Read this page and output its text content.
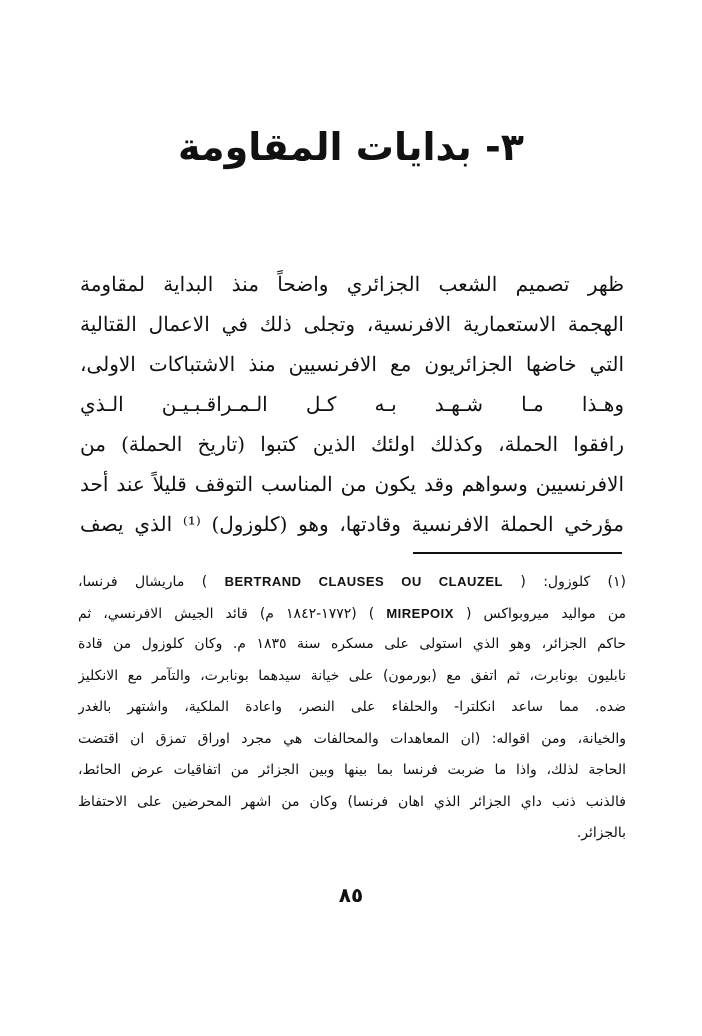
٣- بدايات المقاومة
ظهر تصميم الشعب الجزائري واضحاً منذ البداية لمقاومة
الهجمة الاستعمارية الافرنسية، وتجلى ذلك في الاعمال القتالية
التي خاضها الجزائريون مع الافرنسيين منذ الاشتباكات الاولى،
وهـذا مـا شـهـد بـه كـل الـمـراقـبـيـن الـذي
رافقوا الحملة، وكذلك اولئك الذين كتبوا (تاريخ الحملة) من
الافرنسيين وسواهم وقد يكون من المناسب التوقف قليلاً عند أحد
مؤرخي الحملة الافرنسية وقادتها، وهو (كلوزول) ⁽¹⁾ الذي يصف
(١) كلوزول: ( BERTRAND CLAUSES OU CLAUZEL ) ماريشال فرنسا،
من مواليد ميروبواكس ( MIREPOIX ) (١٧٧٢-١٨٤٢ م) قائد الجيش الافرنسي، ثم
حاكم الجزائر، وهو الذي استولى على مسكره سنة ١٨٣٥ م. وكان كلوزول من قادة
نابليون بونابرت، ثم اتفق مع (بورمون) على خيانة سيدهما بونابرت، والتآمر مع الانكليز
ضده. مما ساعد انكلترا- والحلفاء على النصر، واعادة الملكية، واشتهر بالغدر
والخيانة، ومن اقواله: (ان المعاهدات والمحالفات هي مجرد اوراق تمزق ان اقتضت
الحاجة لذلك، واذا ما ضربت فرنسا بما بينها وبين الجزائر من اتفاقيات عرض الحائط،
فالذنب ذنب داي الجزائر الذي اهان فرنسا) وكان من اشهر المحرضين على الاحتفاظ
بالجزائر.
٨٥
